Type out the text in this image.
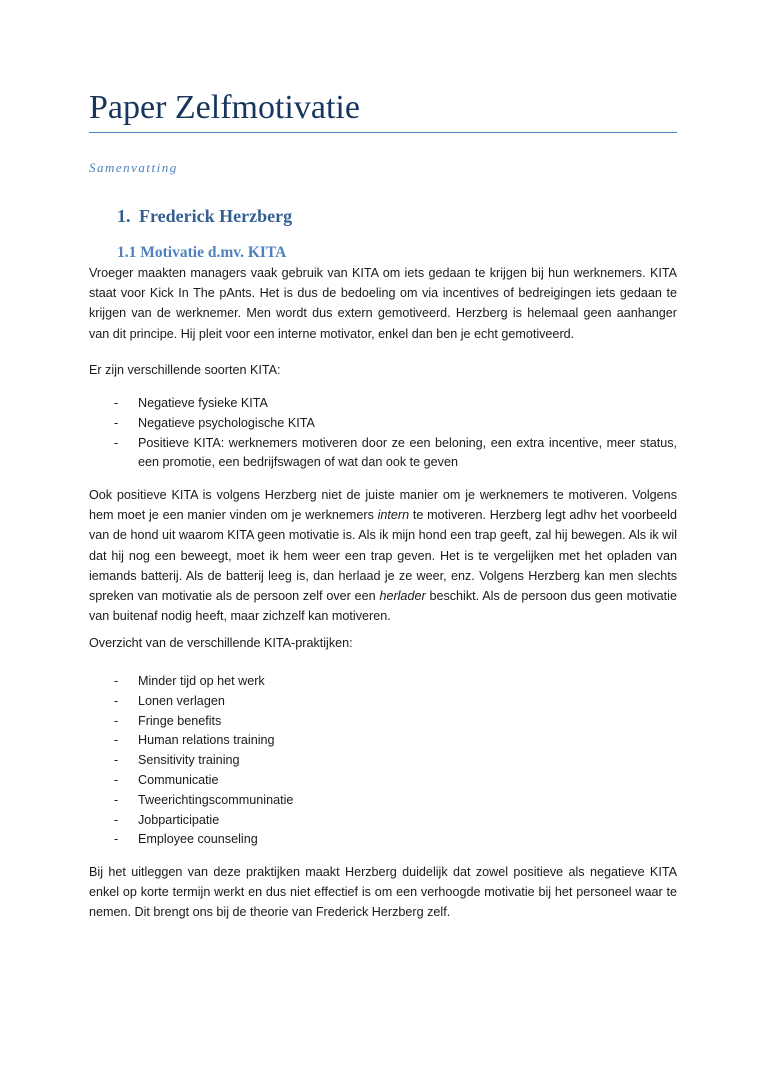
Paper Zelfmotivatie
Samenvatting
1. Frederick Herzberg
1.1 Motivatie d.mv. KITA
Vroeger maakten managers vaak gebruik van KITA om iets gedaan te krijgen bij hun werknemers. KITA staat voor Kick In The pAnts. Het is dus de bedoeling om via incentives of bedreigingen iets gedaan te krijgen van de werknemer. Men wordt dus extern gemotiveerd. Herzberg is helemaal geen aanhanger van dit principe. Hij pleit voor een interne motivator, enkel dan ben je echt gemotiveerd.
Er zijn verschillende soorten KITA:
- Negatieve fysieke KITA
- Negatieve psychologische KITA
- Positieve KITA: werknemers motiveren door ze een beloning, een extra incentive, meer status, een promotie, een bedrijfswagen of wat dan ook te geven
Ook positieve KITA is volgens Herzberg niet de juiste manier om je werknemers te motiveren. Volgens hem moet je een manier vinden om je werknemers intern te motiveren. Herzberg legt adhv het voorbeeld van de hond uit waarom KITA geen motivatie is. Als ik mijn hond een trap geeft, zal hij bewegen. Als ik wil dat hij nog een beweegt, moet ik hem weer een trap geven. Het is te vergelijken met het opladen van iemands batterij. Als de batterij leeg is, dan herlaad je ze weer, enz. Volgens Herzberg kan men slechts spreken van motivatie als de persoon zelf over een herlader beschikt. Als de persoon dus geen motivatie van buitenaf nodig heeft, maar zichzelf kan motiveren.
Overzicht van de verschillende KITA-praktijken:
- Minder tijd op het werk
- Lonen verlagen
- Fringe benefits
- Human relations training
- Sensitivity training
- Communicatie
- Tweerichtingscommuninatie
- Jobparticipatie
- Employee counseling
Bij het uitleggen van deze praktijken maakt Herzberg duidelijk dat zowel positieve als negatieve KITA enkel op korte termijn werkt en dus niet effectief is om een verhoogde motivatie bij het personeel waar te nemen. Dit brengt ons bij de theorie van Frederick Herzberg zelf.
